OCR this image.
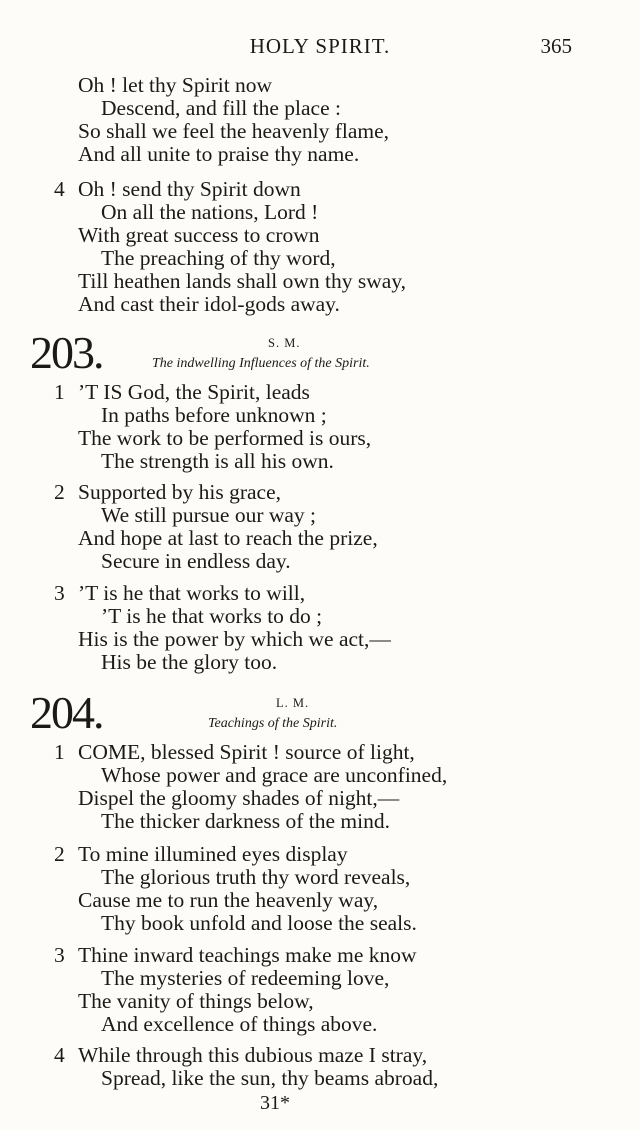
HOLY SPIRIT.	365
Oh ! let thy Spirit now
Descend, and fill the place :
So shall we feel the heavenly flame,
And all unite to praise thy name.
4 Oh ! send thy Spirit down
On all the nations, Lord !
With great success to crown
The preaching of thy word,
Till heathen lands shall own thy sway,
And cast their idol-gods away.
203.	S. M.
The indwelling Influences of the Spirit.
1 ’T IS God, the Spirit, leads
In paths before unknown ;
The work to be performed is ours,
The strength is all his own.
2 Supported by his grace,
We still pursue our way ;
And hope at last to reach the prize,
Secure in endless day.
3 ’T is he that works to will,
’T is he that works to do ;
His is the power by which we act,—
His be the glory too.
204.	L. M.
Teachings of the Spirit.
1 COME, blessed Spirit ! source of light,
Whose power and grace are unconfined,
Dispel the gloomy shades of night,—
The thicker darkness of the mind.
2 To mine illumined eyes display
The glorious truth thy word reveals,
Cause me to run the heavenly way,
Thy book unfold and loose the seals.
3 Thine inward teachings make me know
The mysteries of redeeming love,
The vanity of things below,
And excellence of things above.
4 While through this dubious maze I stray,
Spread, like the sun, thy beams abroad,
31*
